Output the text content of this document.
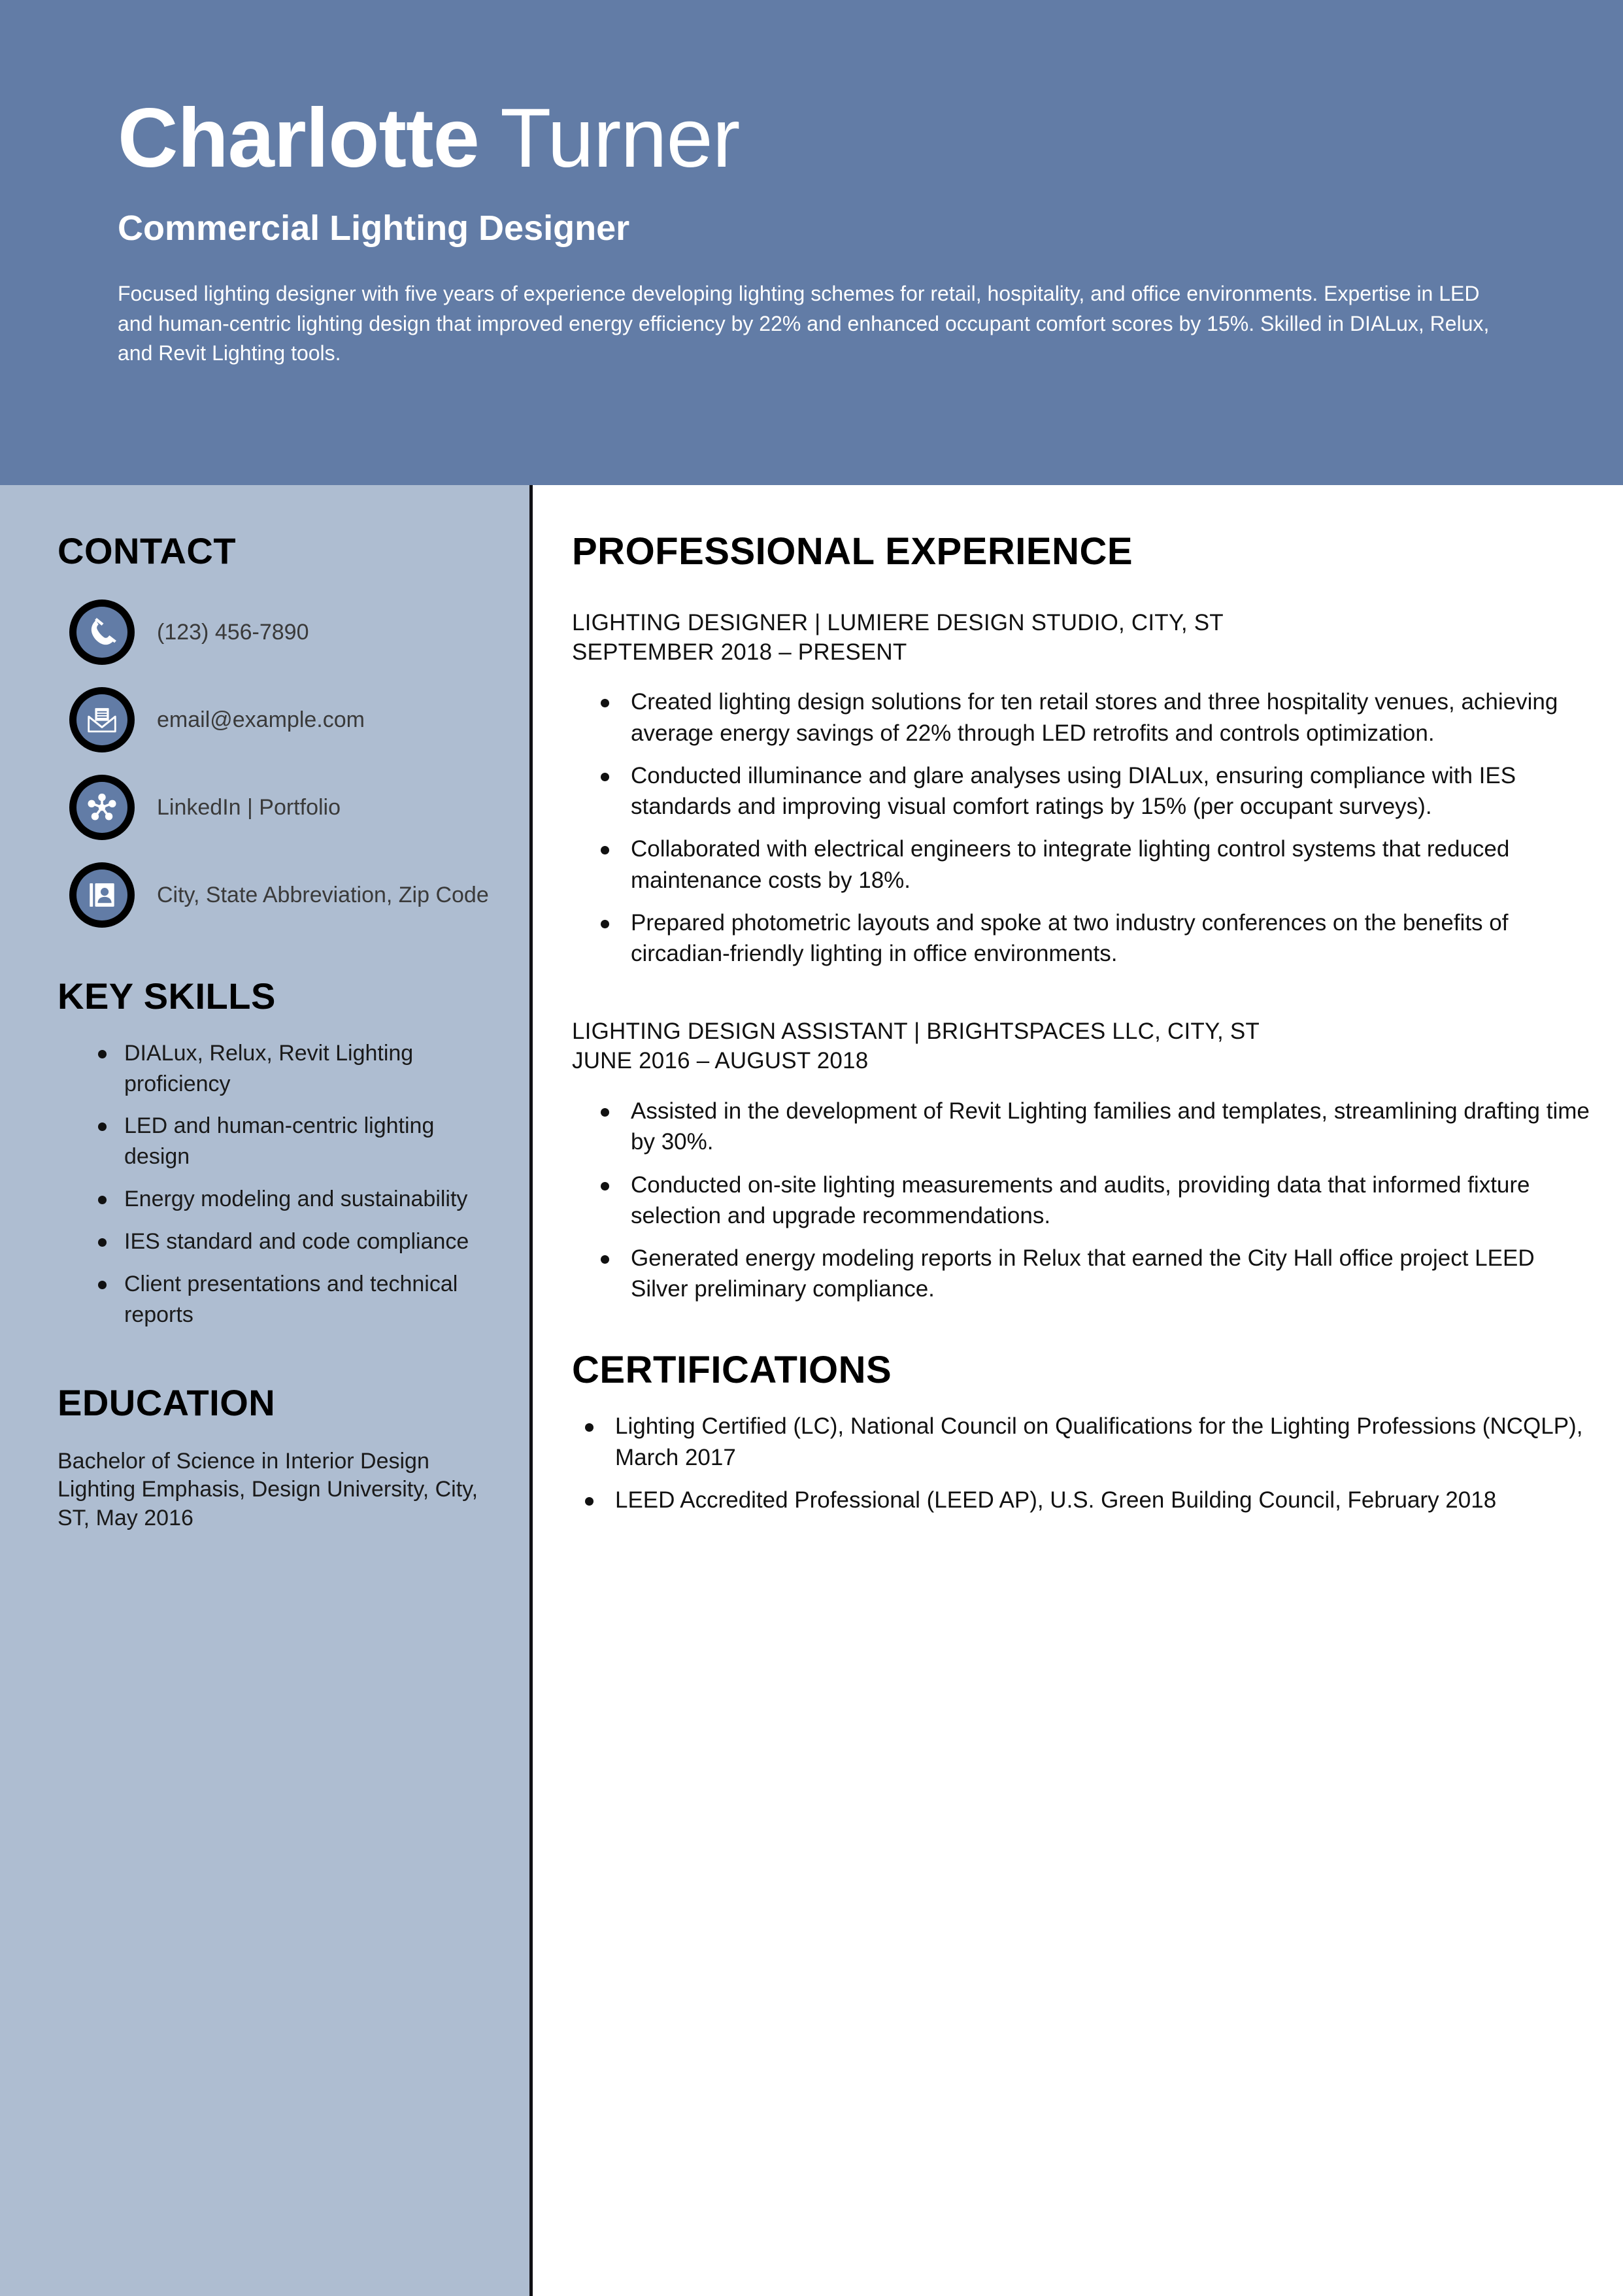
Charlotte Turner
Commercial Lighting Designer

Focused lighting designer with five years of experience developing lighting schemes for retail, hospitality, and office environments. Expertise in LED and human-centric lighting design that improved energy efficiency by 22% and enhanced occupant comfort scores by 15%. Skilled in DIALux, Relux, and Revit Lighting tools.

CONTACT
(123) 456-7890
email@example.com
LinkedIn | Portfolio
City, State Abbreviation, Zip Code
KEY SKILLS
DIALux, Relux, Revit Lighting proficiency
LED and human-centric lighting design
Energy modeling and sustainability
IES standard and code compliance
Client presentations and technical reports
EDUCATION
Bachelor of Science in Interior Design
Lighting Emphasis, Design University, City, ST, May 2016
PROFESSIONAL EXPERIENCE
LIGHTING DESIGNER | LUMIERE DESIGN STUDIO, CITY, ST
SEPTEMBER 2018 – PRESENT
Created lighting design solutions for ten retail stores and three hospitality venues, achieving average energy savings of 22% through LED retrofits and controls optimization.
Conducted illuminance and glare analyses using DIALux, ensuring compliance with IES standards and improving visual comfort ratings by 15% (per occupant surveys).
Collaborated with electrical engineers to integrate lighting control systems that reduced maintenance costs by 18%.
Prepared photometric layouts and spoke at two industry conferences on the benefits of circadian-friendly lighting in office environments.
LIGHTING DESIGN ASSISTANT | BRIGHTSPACES LLC, CITY, ST
JUNE 2016 – AUGUST 2018
Assisted in the development of Revit Lighting families and templates, streamlining drafting time by 30%.
Conducted on-site lighting measurements and audits, providing data that informed fixture selection and upgrade recommendations.
Generated energy modeling reports in Relux that earned the City Hall office project LEED Silver preliminary compliance.
CERTIFICATIONS
Lighting Certified (LC), National Council on Qualifications for the Lighting Professions (NCQLP), March 2017
LEED Accredited Professional (LEED AP), U.S. Green Building Council, February 2018
